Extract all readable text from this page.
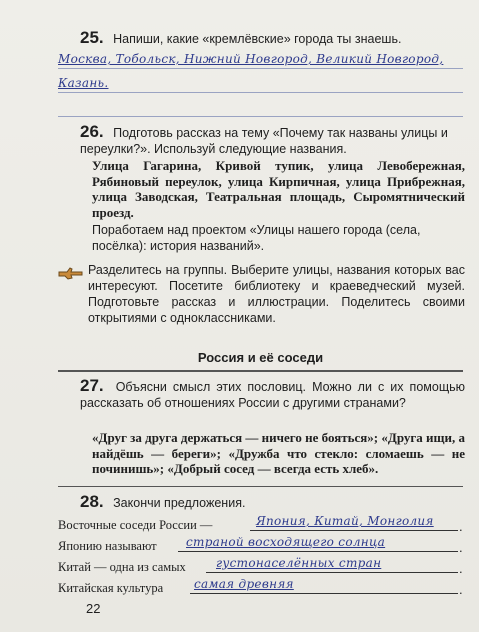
25. Напиши, какие «кремлёвские» города ты знаешь.
Москва, Тобольск, Нижний Новгород, Великий Новгород,
Казань.
26. Подготовь рассказ на тему «Почему так названы улицы и переулки?». Используй следующие названия.
Улица Гагарина, Кривой тупик, улица Левобережная, Рябиновый переулок, улица Кирпичная, улица Прибрежная, улица Заводская, Театральная площадь, Сыромятнический проезд.
Поработаем над проектом «Улицы нашего города (села, посёлка): история названий».
Разделитесь на группы. Выберите улицы, названия которых вас интересуют. Посетите библиотеку и краеведческий музей. Подготовьте рассказ и иллюстрации. Поделитесь своими открытиями с одноклассниками.
Россия и её соседи
27. Объясни смысл этих пословиц. Можно ли с их помощью рассказать об отношениях России с другими странами?
«Друг за друга держаться — ничего не бояться»; «Друга ищи, а найдёшь — береги»; «Дружба что стекло: сломаешь — не починишь»; «Добрый сосед — всегда есть хлеб».
28. Закончи предложения.
Восточные соседи России —	Япония, Китай, Монголия .
Японию называют страной восходящего солнца	.
Китай — одна из самых	густонаселённых стран	.
Китайская культура	самая древняя	.
22
